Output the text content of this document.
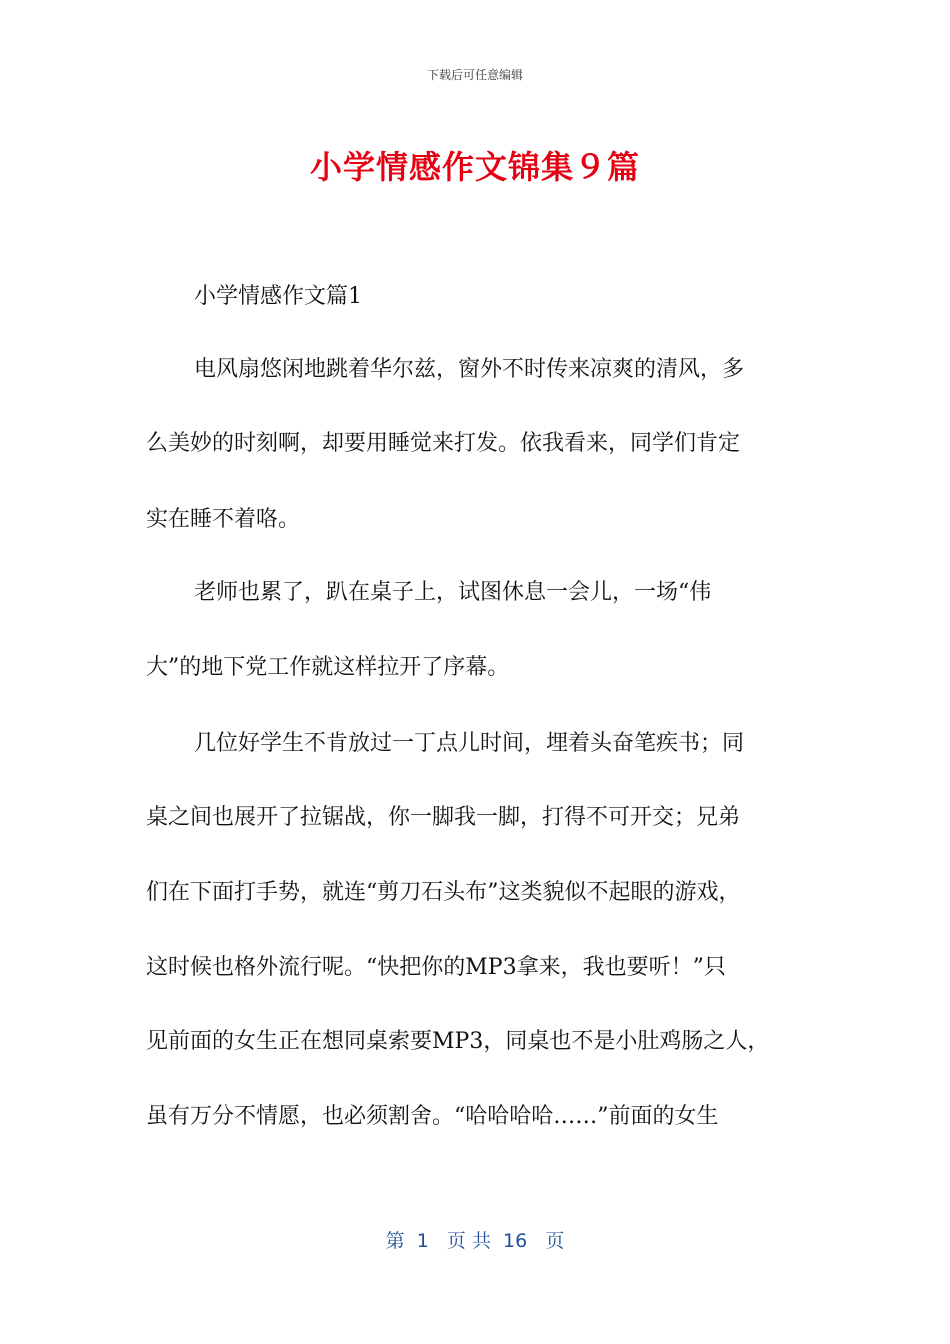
下载后可任意编辑
小学情感作文锦集９篇
小学情感作文篇1
电风扇悠闲地跳着华尔兹，窗外不时传来凉爽的清风，多
么美妙的时刻啊，却要用睡觉来打发。依我看来，同学们肯定
实在睡不着咯。
老师也累了，趴在桌子上，试图休息一会儿，一场“伟
大”的地下党工作就这样拉开了序幕。
几位好学生不肯放过一丁点儿时间，埋着头奋笔疾书；同
桌之间也展开了拉锯战，你一脚我一脚，打得不可开交；兄弟
们在下面打手势，就连“剪刀石头布”这类貌似不起眼的游戏，
这时候也格外流行呢。“快把你的MP3拿来，我也要听！”只
见前面的女生正在想同桌索要MP3，同桌也不是小肚鸡肠之人，
虽有万分不情愿，也必须割舍。“哈哈哈哈……”前面的女生
第  1   页 共  16   页
